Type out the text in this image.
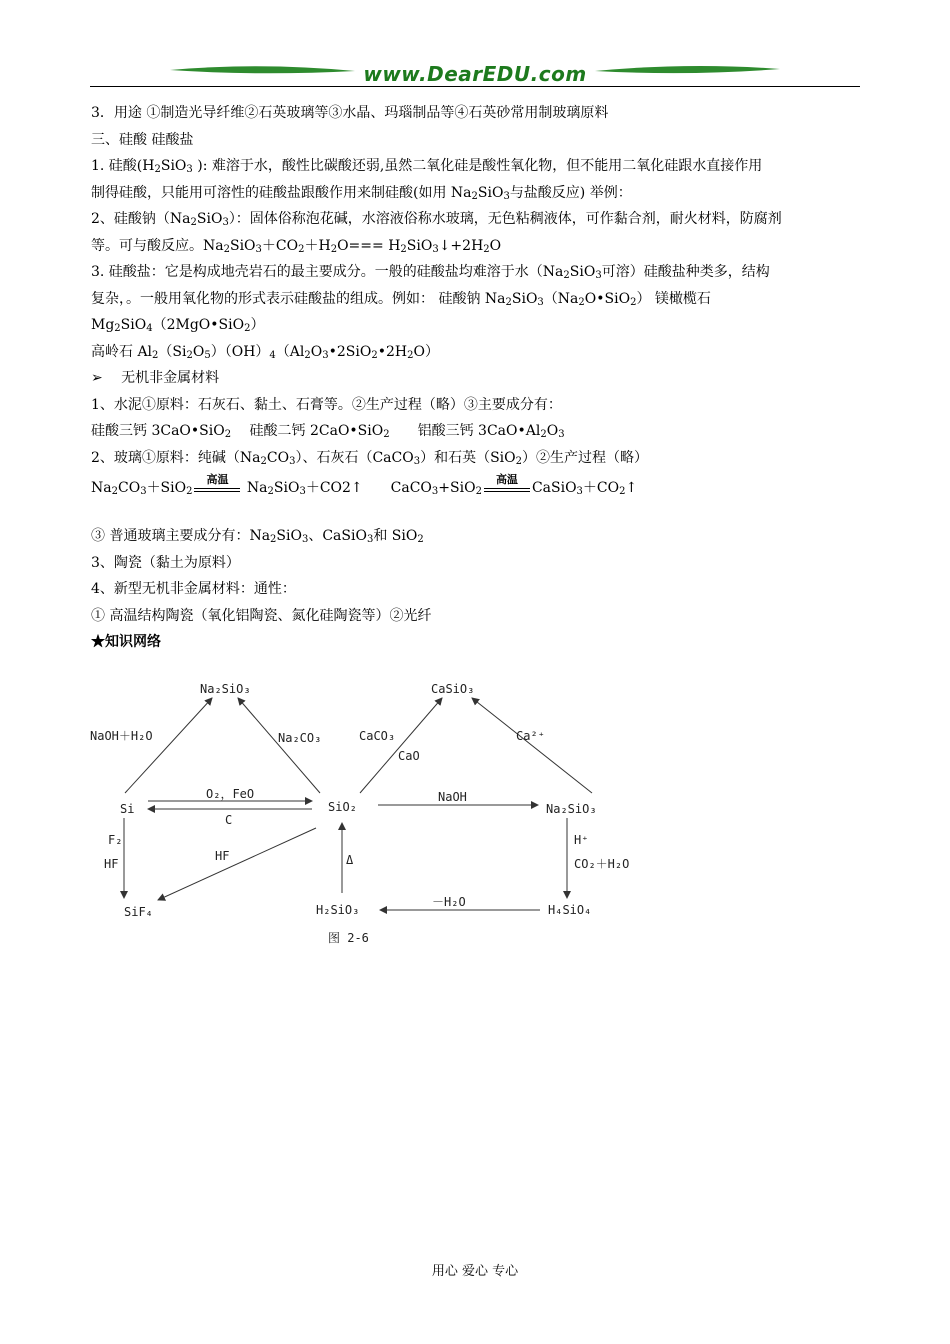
www.DearEDU.com

3．用途 ①制造光导纤维②石英玻璃等③水晶、玛瑙制品等④石英砂常用制玻璃原料

三、硅酸 硅酸盐

1. 硅酸($H_2SiO_3$ ): 难溶于水，酸性比碳酸还弱,虽然二氧化硅是酸性氧化物，但不能用二氧化硅跟水直接作用

制得硅酸，只能用可溶性的硅酸盐跟酸作用来制硅酸(如用 $Na_2SiO_3$与盐酸反应) 举例：

2、硅酸钠$(Na_2SiO_3)$：固体俗称泡花碱，水溶液俗称水玻璃，无色粘稠液体，可作黏合剂，耐火材料，防腐剂

等。可与酸反应。$Na_2SiO_3+CO_2+H_2O===$ $H_2SiO_3↓+2H_2O$

3. 硅酸盐：它是构成地壳岩石的最主要成分。一般的硅酸盐均难溶于水（$Na_2SiO_3$可溶）硅酸盐种类多，结构

复杂，。一般用氧化物的形式表示硅酸盐的组成。例如： 硅酸钠 $Na_2SiO_3(Na_2O•SiO_2)$ 镁橄榄石

$Mg_2SiO_4(2MgO•SiO_2)$

高岭石 $Al_2(Si_2O_5)(OH)_4(Al_2O_3•2SiO_2•2H_2O)$

➢　 无机非金属材料

1、水泥①原料：石灰石、黏土、石膏等。②生产过程（略）③主要成分有：

硅酸三钙 3CaO•SiO$_2$　 硅酸二钙 2CaO•SiO$_2$　　铝酸三钙 $3CaO•Al_2O_3$

2、玻璃①原料：纯碱$(Na_2CO_3)$、石灰石（CaCO$_3$）和石英（SiO$_2$）②生产过程（略）

$Na_2CO_3+SiO_2$
高温
$Na_2SiO_3+CO2↑$　　CaCO$_3$+SiO$_2$
高温
$CaSiO_3+CO_2↑$

③ 普通玻璃主要成分有：$Na_2SiO_3$、CaSiO$_3$和 SiO$_2$

3、陶瓷（黏土为原料）

4、新型无机非金属材料：通性：

① 高温结构陶瓷（氧化铝陶瓷、氮化硅陶瓷等）②光纤

★知识网络

Na₂SiO₃	CaSiO₃
NaOH＋H₂O	Na₂CO₃	CaCO₃
CaO
Ca²⁺
Si
O₂，FeO
C
SiO₂
NaOH
Na₂SiO₃
F₂
HF
HF	Δ
H⁺
CO₂＋H₂O
SiF₄	H₂SiO₃
－H₂O
H₄SiO₄
图 2-6
用心 爱心 专心
